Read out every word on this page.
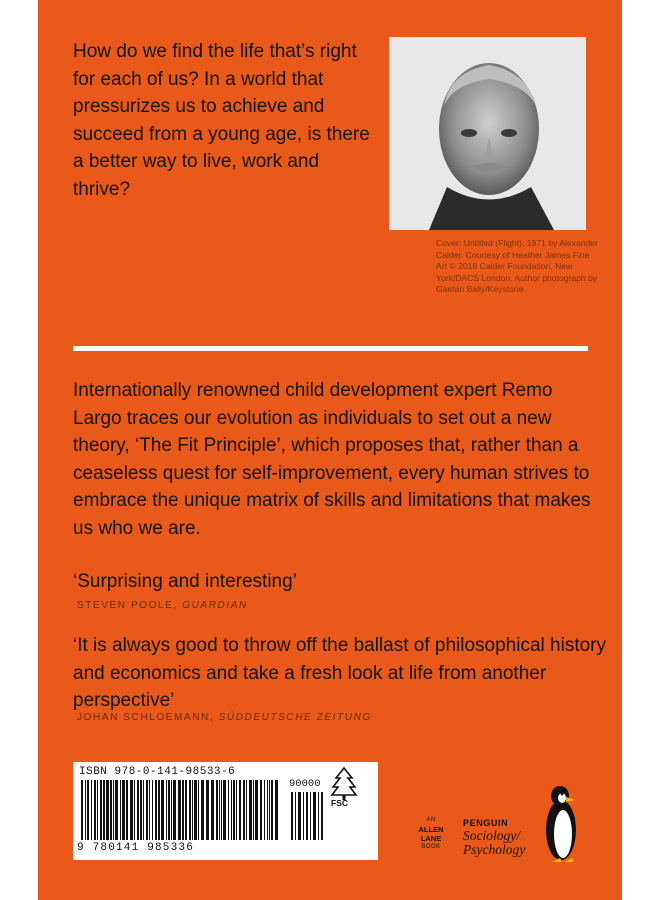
How do we find the life that’s right for each of us? In a world that pressurizes us to achieve and succeed from a young age, is there a better way to live, work and thrive?

Cover: Untitled (Flight), 1971 by Alexander Calder. Courtesy of Heather James Fine Art © 2018 Calder Foundation, New York/DACS London. Author photograph by Gaetan Bally/Keystone

Internationally renowned child development expert Remo Largo traces our evolution as individuals to set out a new theory, ‘The Fit Principle’, which proposes that, rather than a ceaseless quest for self-improvement, every human strives to embrace the unique matrix of skills and limitations that makes us who we are.

‘Surprising and interesting’

STEVEN POOLE, GUARDIAN

‘It is always good to throw off the ballast of philosophical history and economics and take a fresh look at life from another perspective’

JOHAN SCHLOEMANN, SÜDDEUTSCHE ZEITUNG

ISBN 978-0-141-98533-6

90000

FSC

9 780141 985336

AN
ALLEN
LANE
BOOK

PENGUIN

Sociology/

Psychology
